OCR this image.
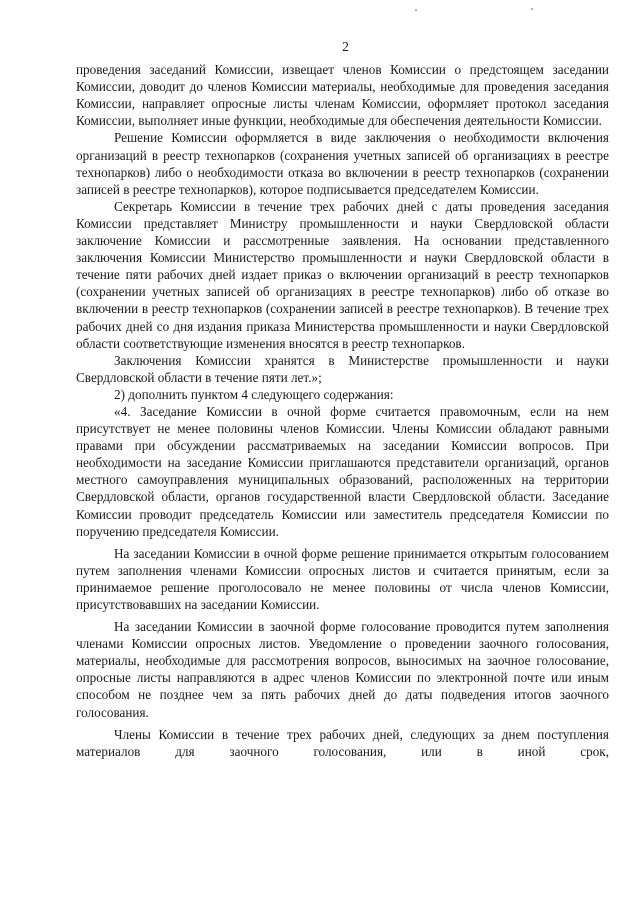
2

проведения заседаний Комиссии, извещает членов Комиссии о предстоящем заседании Комиссии, доводит до членов Комиссии материалы, необходимые для проведения заседания Комиссии, направляет опросные листы членам Комиссии, оформляет протокол заседания Комиссии, выполняет иные функции, необходимые для обеспечения деятельности Комиссии.

Решение Комиссии оформляется в виде заключения о необходимости включения организаций в реестр технопарков (сохранения учетных записей об организациях в реестре технопарков) либо о необходимости отказа во включении в реестр технопарков (сохранении записей в реестре технопарков), которое подписывается председателем Комиссии.

Секретарь Комиссии в течение трех рабочих дней с даты проведения заседания Комиссии представляет Министру промышленности и науки Свердловской области заключение Комиссии и рассмотренные заявления. На основании представленного заключения Комиссии Министерство промышленности и науки Свердловской области в течение пяти рабочих дней издает приказ о включении организаций в реестр технопарков (сохранении учетных записей об организациях в реестре технопарков) либо об отказе во включении в реестр технопарков (сохранении записей в реестре технопарков). В течение трех рабочих дней со дня издания приказа Министерства промышленности и науки Свердловской области соответствующие изменения вносятся в реестр технопарков.

Заключения Комиссии хранятся в Министерстве промышленности и науки Свердловской области в течение пяти лет.»;

2) дополнить пунктом 4 следующего содержания:

«4. Заседание Комиссии в очной форме считается правомочным, если на нем присутствует не менее половины членов Комиссии. Члены Комиссии обладают равными правами при обсуждении рассматриваемых на заседании Комиссии вопросов. При необходимости на заседание Комиссии приглашаются представители организаций, органов местного самоуправления муниципальных образований, расположенных на территории Свердловской области, органов государственной власти Свердловской области. Заседание Комиссии проводит председатель Комиссии или заместитель председателя Комиссии по поручению председателя Комиссии.

На заседании Комиссии в очной форме решение принимается открытым голосованием путем заполнения членами Комиссии опросных листов и считается принятым, если за принимаемое решение проголосовало не менее половины от числа членов Комиссии, присутствовавших на заседании Комиссии.

На заседании Комиссии в заочной форме голосование проводится путем заполнения членами Комиссии опросных листов. Уведомление о проведении заочного голосования, материалы, необходимые для рассмотрения вопросов, выносимых на заочное голосование, опросные листы направляются в адрес членов Комиссии по электронной почте или иным способом не позднее чем за пять рабочих дней до даты подведения итогов заочного голосования.

Члены Комиссии в течение трех рабочих дней, следующих за днем поступления материалов для заочного голосования, или в иной срок,
